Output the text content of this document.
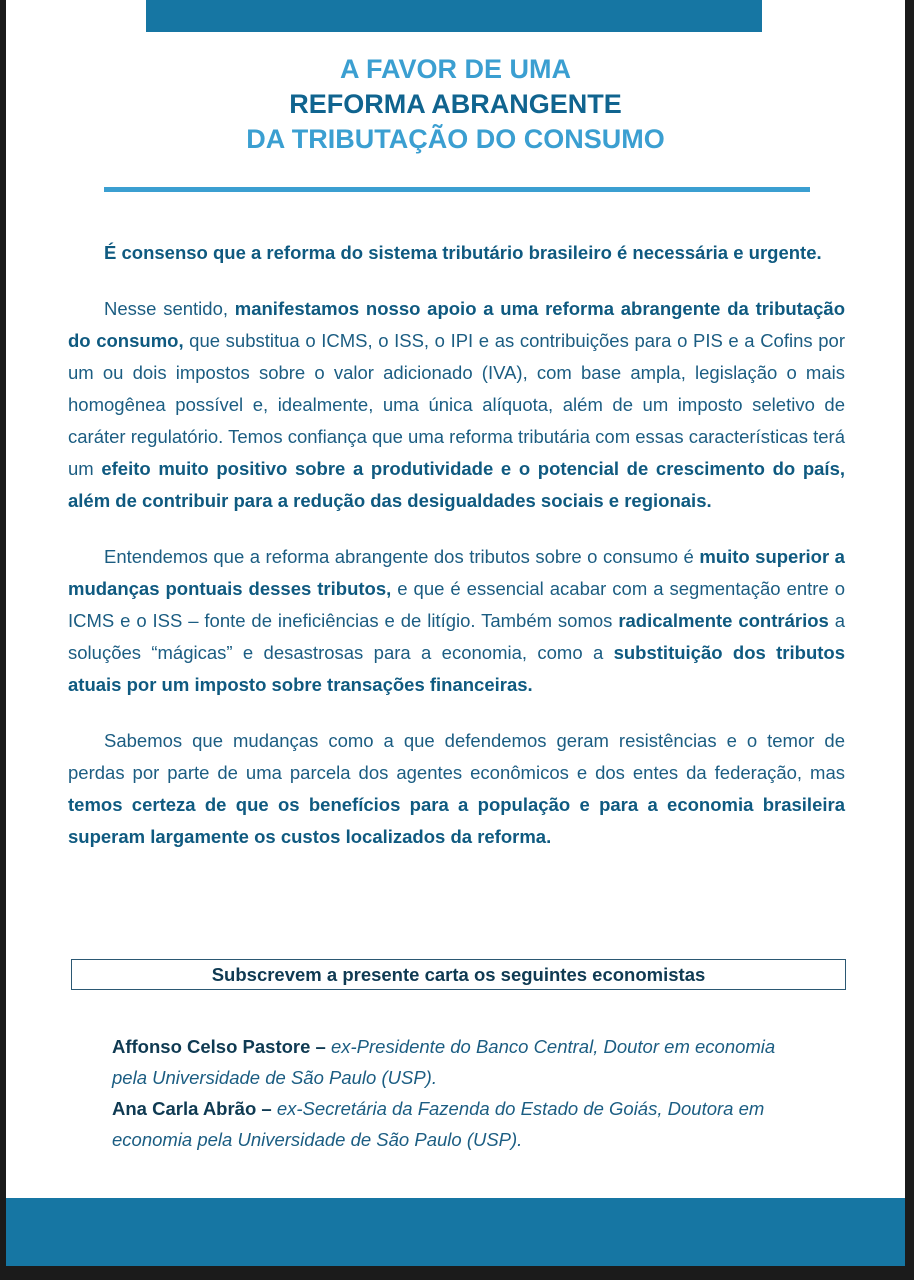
A FAVOR DE UMA
REFORMA ABRANGENTE
DA TRIBUTAÇÃO DO CONSUMO

É consenso que a reforma do sistema tributário brasileiro é necessária e urgente.

Nesse sentido, manifestamos nosso apoio a uma reforma abrangente da tributação do consumo, que substitua o ICMS, o ISS, o IPI e as contribuições para o PIS e a Cofins por um ou dois impostos sobre o valor adicionado (IVA), com base ampla, legislação o mais homogênea possível e, idealmente, uma única alíquota, além de um imposto seletivo de caráter regulatório. Temos confiança que uma reforma tributária com essas características terá um efeito muito positivo sobre a produtividade e o potencial de crescimento do país, além de contribuir para a redução das desigualdades sociais e regionais.

Entendemos que a reforma abrangente dos tributos sobre o consumo é muito superior a mudanças pontuais desses tributos, e que é essencial acabar com a segmentação entre o ICMS e o ISS – fonte de ineficiências e de litígio. Também somos radicalmente contrários a soluções “mágicas” e desastrosas para a economia, como a substituição dos tributos atuais por um imposto sobre transações financeiras.

Sabemos que mudanças como a que defendemos geram resistências e o temor de perdas por parte de uma parcela dos agentes econômicos e dos entes da federação, mas temos certeza de que os benefícios para a população e para a economia brasileira superam largamente os custos localizados da reforma.

Subscrevem a presente carta os seguintes economistas

Affonso Celso Pastore – ex-Presidente do Banco Central, Doutor em economia pela Universidade de São Paulo (USP).

Ana Carla Abrão – ex-Secretária da Fazenda do Estado de Goiás, Doutora em economia pela Universidade de São Paulo (USP).
